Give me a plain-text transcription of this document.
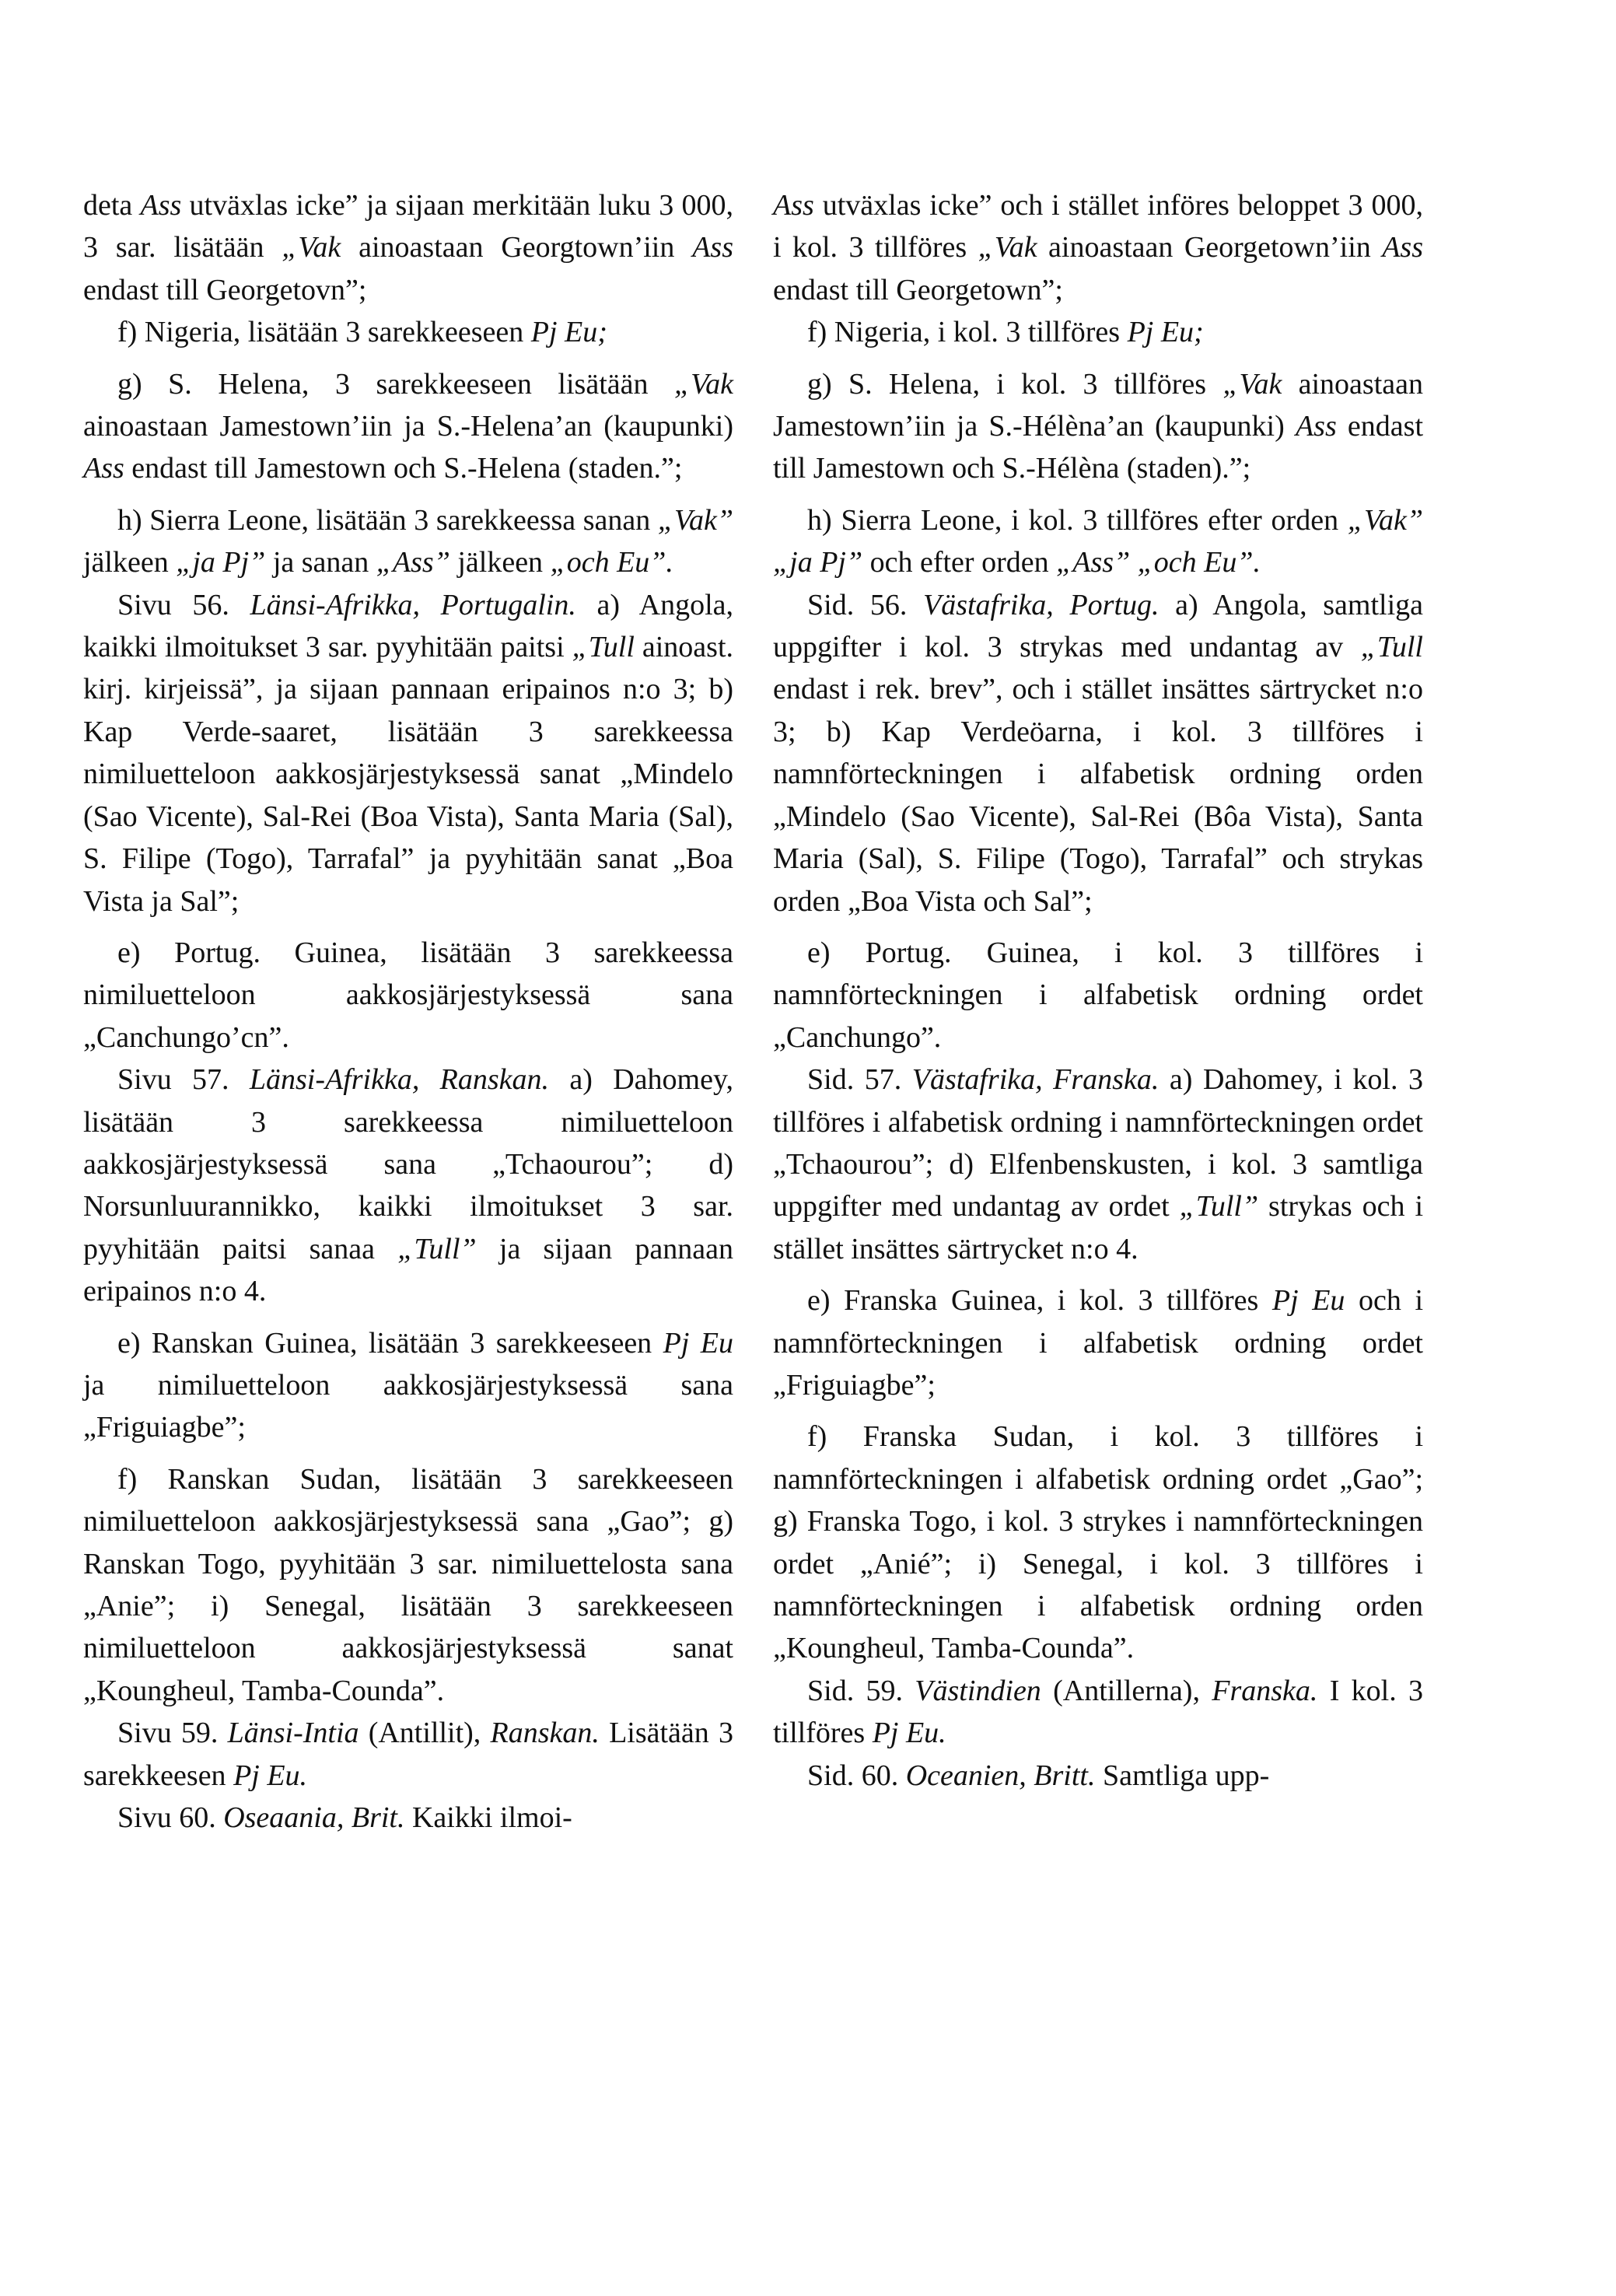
deta Ass utväxlas icke” ja sijaan merkitään luku 3 000, 3 sar. lisätään „Vak ainoastaan Georgtown’iin Ass endast till Georgetovn”;

f) Nigeria, lisätään 3 sarekkeeseen Pj Eu;

g) S. Helena, 3 sarekkeeseen lisätään „Vak ainoastaan Jamestown’iin ja S.-Helena’an (kaupunki) Ass endast till Jamestown och S.-Helena (staden.”;

h) Sierra Leone, lisätään 3 sarekkeessa sanan „Vak” jälkeen „ja Pj” ja sanan „Ass” jälkeen „och Eu”.

Sivu 56. Länsi-Afrikka, Portugalin. a) Angola, kaikki ilmoitukset 3 sar. pyyhitään paitsi „Tull ainoast. kirj. kirjeissä”, ja sijaan pannaan eripainos n:o 3; b) Kap Verde-saaret, lisätään 3 sarekkeessa nimiluetteloon aakkosjärjestyksessä sanat „Mindelo (Sao Vicente), Sal-Rei (Boa Vista), Santa Maria (Sal), S. Filipe (Togo), Tarrafal” ja pyyhitään sanat „Boa Vista ja Sal”;

e) Portug. Guinea, lisätään 3 sarekkeessa nimiluetteloon aakkosjärjestyksessä sana „Canchungo’cn”.

Sivu 57. Länsi-Afrikka, Ranskan. a) Dahomey, lisätään 3 sarekkeessa nimiluetteloon aakkosjärjestyksessä sana „Tchaourou”; d) Norsunluurannikko, kaikki ilmoitukset 3 sar. pyyhitään paitsi sanaa „Tull” ja sijaan pannaan eripainos n:o 4.

e) Ranskan Guinea, lisätään 3 sarekkeeseen Pj Eu ja nimiluetteloon aakkosjärjestyksessä sana „Friguiagbe”;

f) Ranskan Sudan, lisätään 3 sarekkeeseen nimiluetteloon aakkosjärjestyksessä sana „Gao”; g) Ranskan Togo, pyyhitään 3 sar. nimiluettelosta sana „Anie”; i) Senegal, lisätään 3 sarekkeeseen nimiluetteloon aakkosjärjestyksessä sanat „Koungheul, Tamba-Counda”.

Sivu 59. Länsi-Intia (Antillit), Ranskan. Lisätään 3 sarekkeesen Pj Eu.

Sivu 60. Oseaania, Brit. Kaikki ilmoi-

Ass utväxlas icke” och i stället införes beloppet 3 000, i kol. 3 tillföres „Vak ainoastaan Georgetown’iin Ass endast till Georgetown”;

f) Nigeria, i kol. 3 tillföres Pj Eu;

g) S. Helena, i kol. 3 tillföres „Vak ainoastaan Jamestown’iin ja S.-Hélèna’an (kaupunki) Ass endast till Jamestown och S.-Hélèna (staden).”;

h) Sierra Leone, i kol. 3 tillföres efter orden „Vak” „ja Pj” och efter orden „Ass” „och Eu”.

Sid. 56. Västafrika, Portug. a) Angola, samtliga uppgifter i kol. 3 strykas med undantag av „Tull endast i rek. brev”, och i stället insättes särtrycket n:o 3; b) Kap Verdeöarna, i kol. 3 tillföres i namnförteckningen i alfabetisk ordning orden „Mindelo (Sao Vicente), Sal-Rei (Bôa Vista), Santa Maria (Sal), S. Filipe (Togo), Tarrafal” och strykas orden „Boa Vista och Sal”;

e) Portug. Guinea, i kol. 3 tillföres i namnförteckningen i alfabetisk ordning ordet „Canchungo”.

Sid. 57. Västafrika, Franska. a) Dahomey, i kol. 3 tillföres i alfabetisk ordning i namnförteckningen ordet „Tchaourou”; d) Elfenbenskusten, i kol. 3 samtliga uppgifter med undantag av ordet „Tull” strykas och i stället insättes särtrycket n:o 4.

e) Franska Guinea, i kol. 3 tillföres Pj Eu och i namnförteckningen i alfabetisk ordning ordet „Friguiagbe”;

f) Franska Sudan, i kol. 3 tillföres i namnförteckningen i alfabetisk ordning ordet „Gao”; g) Franska Togo, i kol. 3 strykes i namnförteckningen ordet „Anié”; i) Senegal, i kol. 3 tillföres i namnförteckningen i alfabetisk ordning orden „Koungheul, Tamba-Counda”.

Sid. 59. Västindien (Antillerna), Franska. I kol. 3 tillföres Pj Eu.

Sid. 60. Oceanien, Britt. Samtliga upp-
